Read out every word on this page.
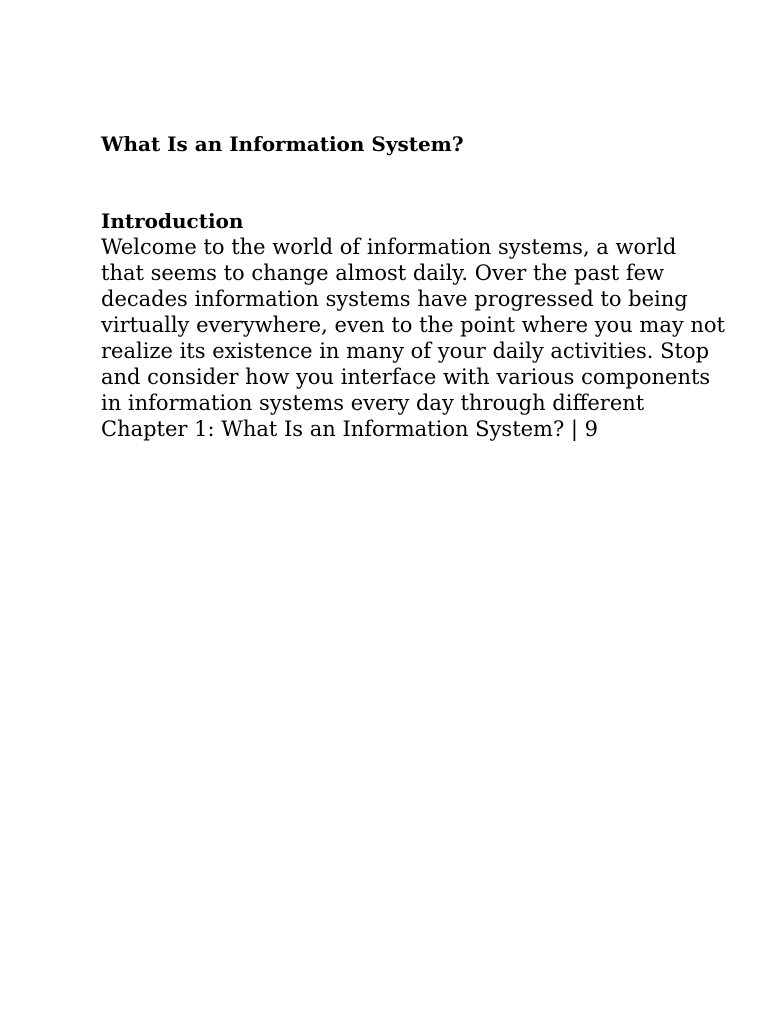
What Is an Information System?
Introduction

Welcome to the world of information systems, a world
that seems to change almost daily. Over the past few
decades information systems have progressed to being
virtually everywhere, even to the point where you may not
realize its existence in many of your daily activities. Stop
and consider how you interface with various components
in information systems every day through different
Chapter 1: What Is an Information System? | 9
